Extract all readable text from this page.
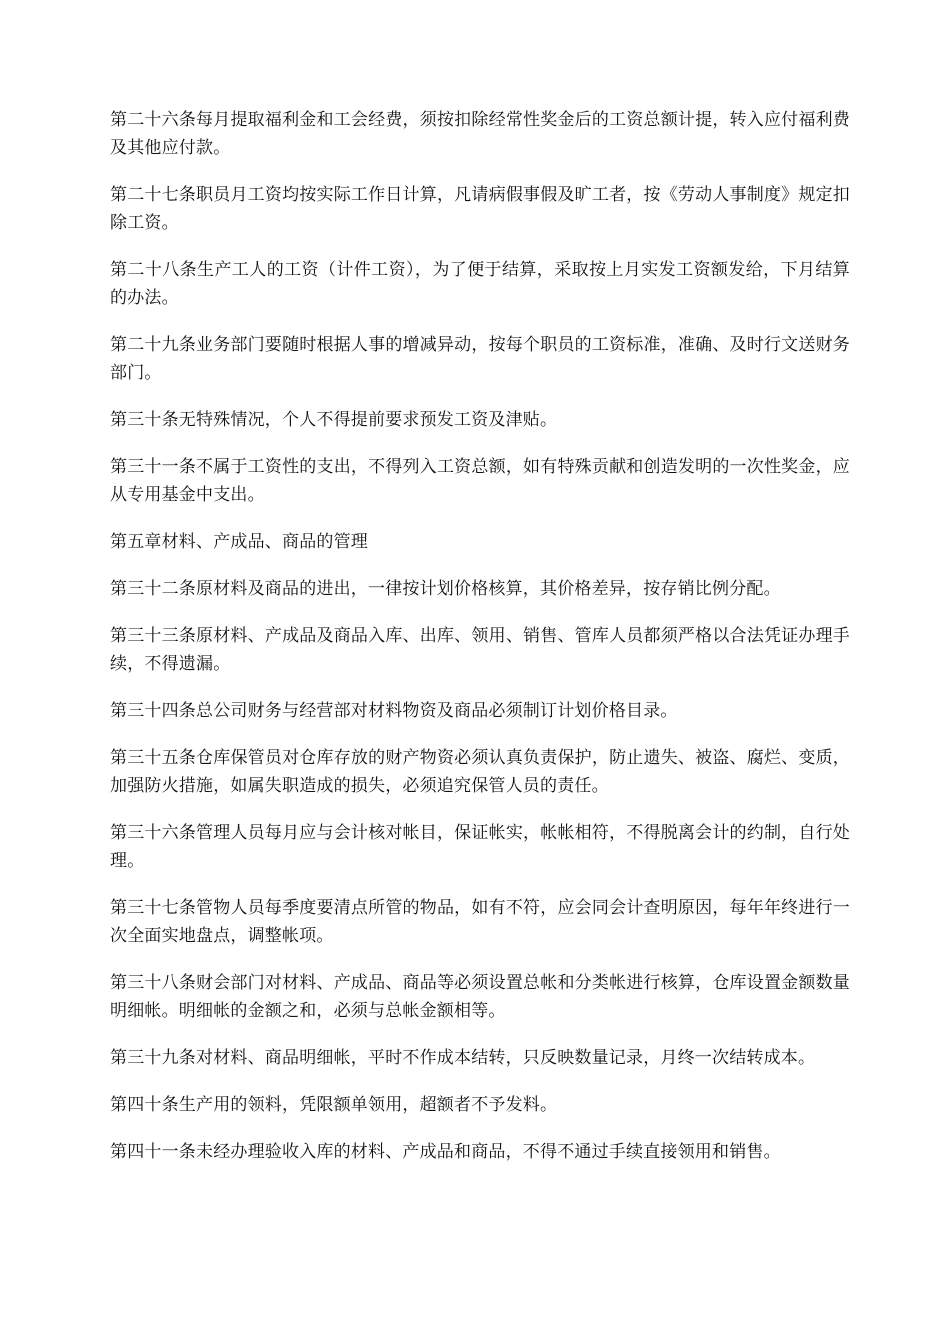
第二十六条每月提取福利金和工会经费，须按扣除经常性奖金后的工资总额计提，转入应付福利费及其他应付款。

第二十七条职员月工资均按实际工作日计算，凡请病假事假及旷工者，按《劳动人事制度》规定扣除工资。

第二十八条生产工人的工资（计件工资），为了便于结算，采取按上月实发工资额发给，下月结算的办法。

第二十九条业务部门要随时根据人事的增减异动，按每个职员的工资标准，准确、及时行文送财务部门。

第三十条无特殊情况，个人不得提前要求预发工资及津贴。

第三十一条不属于工资性的支出，不得列入工资总额，如有特殊贡献和创造发明的一次性奖金，应从专用基金中支出。

第五章材料、产成品、商品的管理

第三十二条原材料及商品的进出，一律按计划价格核算，其价格差异，按存销比例分配。

第三十三条原材料、产成品及商品入库、出库、领用、销售、管库人员都须严格以合法凭证办理手续，不得遗漏。

第三十四条总公司财务与经营部对材料物资及商品必须制订计划价格目录。

第三十五条仓库保管员对仓库存放的财产物资必须认真负责保护，防止遗失、被盗、腐烂、变质，加强防火措施，如属失职造成的损失，必须追究保管人员的责任。

第三十六条管理人员每月应与会计核对帐目，保证帐实，帐帐相符，不得脱离会计的约制，自行处理。

第三十七条管物人员每季度要清点所管的物品，如有不符，应会同会计查明原因，每年年终进行一次全面实地盘点，调整帐项。

第三十八条财会部门对材料、产成品、商品等必须设置总帐和分类帐进行核算，仓库设置金额数量明细帐。明细帐的金额之和，必须与总帐金额相等。

第三十九条对材料、商品明细帐，平时不作成本结转，只反映数量记录，月终一次结转成本。

第四十条生产用的领料，凭限额单领用，超额者不予发料。

第四十一条未经办理验收入库的材料、产成品和商品，不得不通过手续直接领用和销售。
